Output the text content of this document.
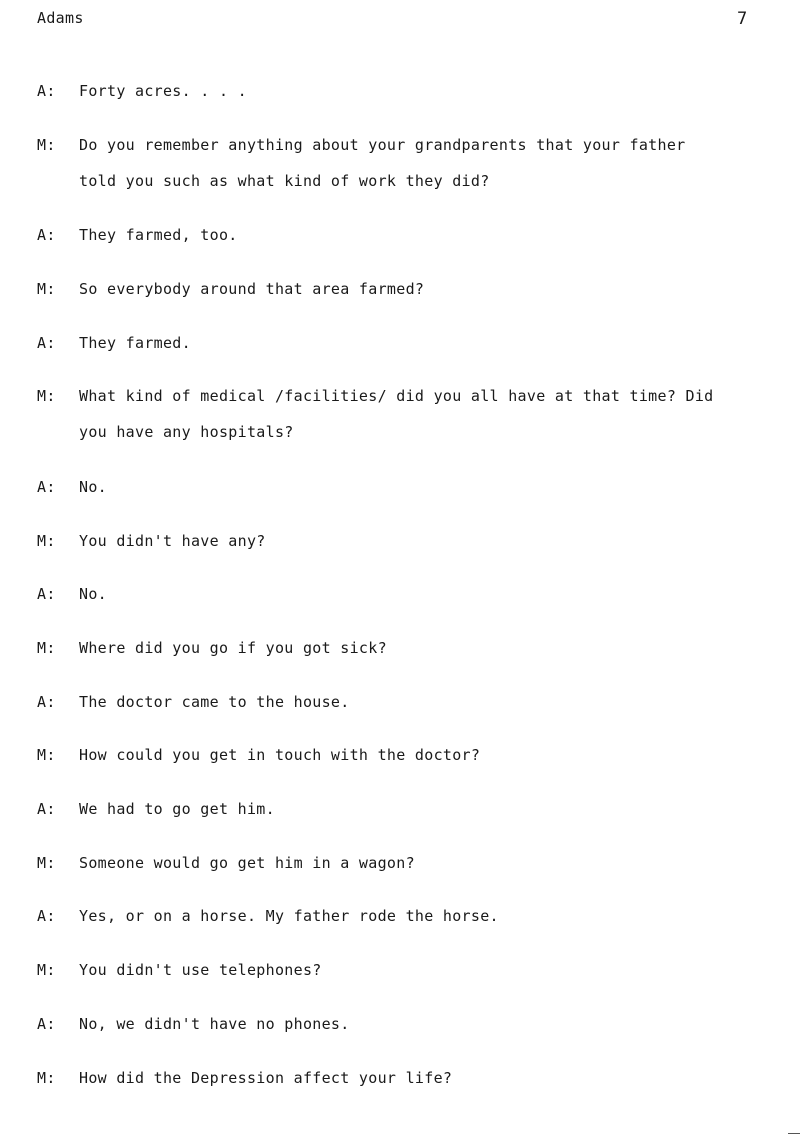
Adams	7
A:	Forty acres. . . .
M:	Do you remember anything about your grandparents that your father told you such as what kind of work they did?
A:	They farmed, too.
M:	So everybody around that area farmed?
A:	They farmed.
M:	What kind of medical /facilities/ did you all have at that time? Did you have any hospitals?
A:	No.
M:	You didn't have any?
A:	No.
M:	Where did you go if you got sick?
A:	The doctor came to the house.
M:	How could you get in touch with the doctor?
A:	We had to go get him.
M:	Someone would go get him in a wagon?
A:	Yes, or on a horse. My father rode the horse.
M:	You didn't use telephones?
A:	No, we didn't have no phones.
M:	How did the Depression affect your life?
